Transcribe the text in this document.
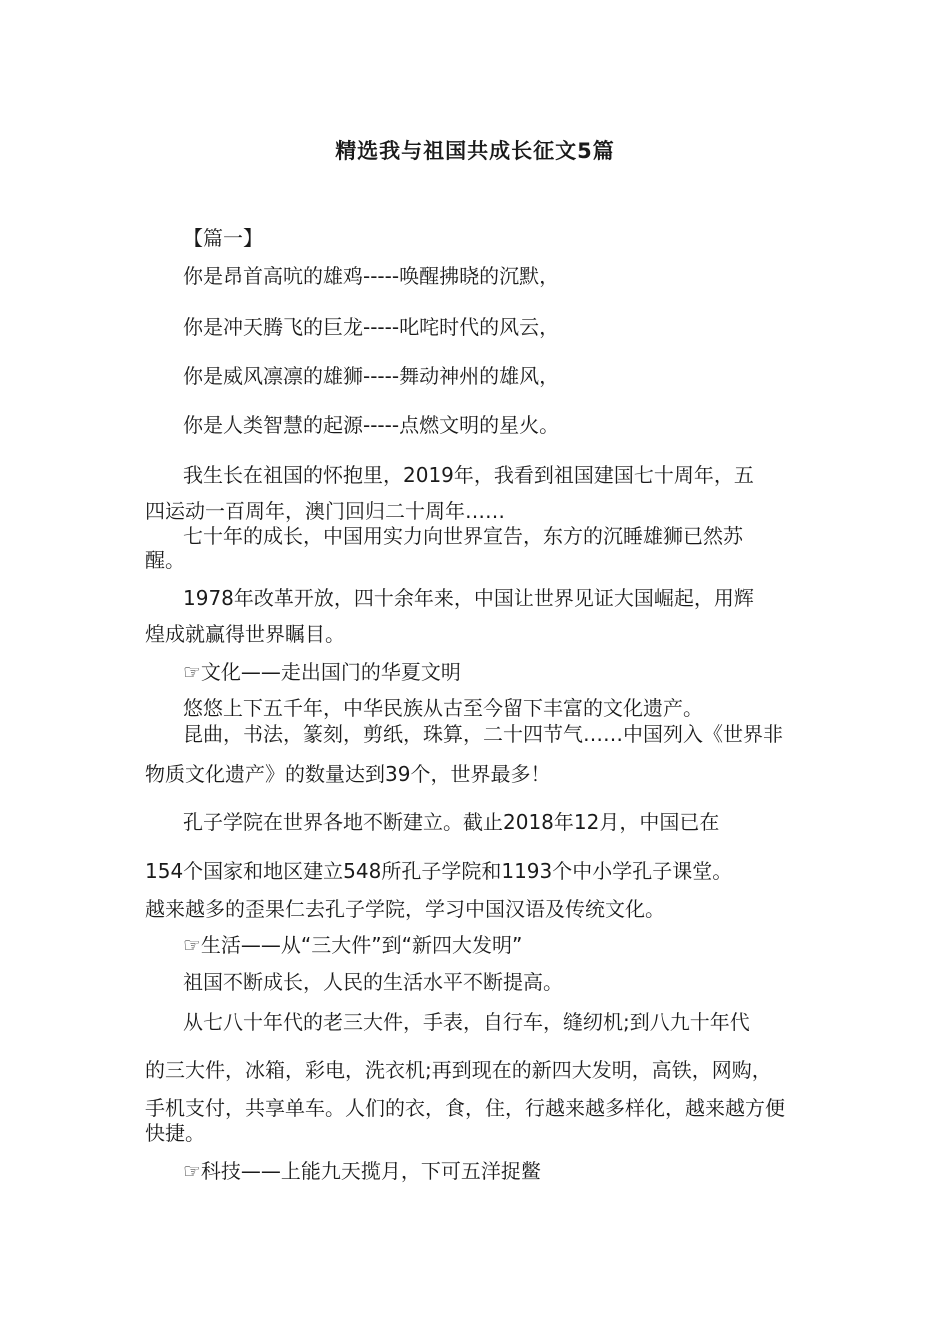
精选我与祖国共成长征文5篇

【篇一】

你是昂首高吭的雄鸡-----唤醒拂晓的沉默，

你是冲天腾飞的巨龙-----叱咤时代的风云，

你是威风凛凛的雄狮-----舞动神州的雄风，

你是人类智慧的起源-----点燃文明的星火。

我生长在祖国的怀抱里，2019年，我看到祖国建国七十周年，五

四运动一百周年，澳门回归二十周年……

七十年的成长，中国用实力向世界宣告，东方的沉睡雄狮已然苏

醒。

1978年改革开放，四十余年来，中国让世界见证大国崛起，用辉

煌成就赢得世界瞩目。

☞文化——走出国门的华夏文明

悠悠上下五千年，中华民族从古至今留下丰富的文化遗产。

昆曲，书法，篆刻，剪纸，珠算，二十四节气……中国列入《世界非

物质文化遗产》的数量达到39个，世界最多！

孔子学院在世界各地不断建立。截止2018年12月，中国已在

154个国家和地区建立548所孔子学院和1193个中小学孔子课堂。

越来越多的歪果仁去孔子学院，学习中国汉语及传统文化。

☞生活——从“三大件”到“新四大发明”

祖国不断成长，人民的生活水平不断提高。

从七八十年代的老三大件，手表，自行车，缝纫机;到八九十年代

的三大件，冰箱，彩电，洗衣机;再到现在的新四大发明，高铁，网购，

手机支付，共享单车。人们的衣，食，住，行越来越多样化，越来越方便

快捷。

☞科技——上能九天揽月，下可五洋捉鳖
